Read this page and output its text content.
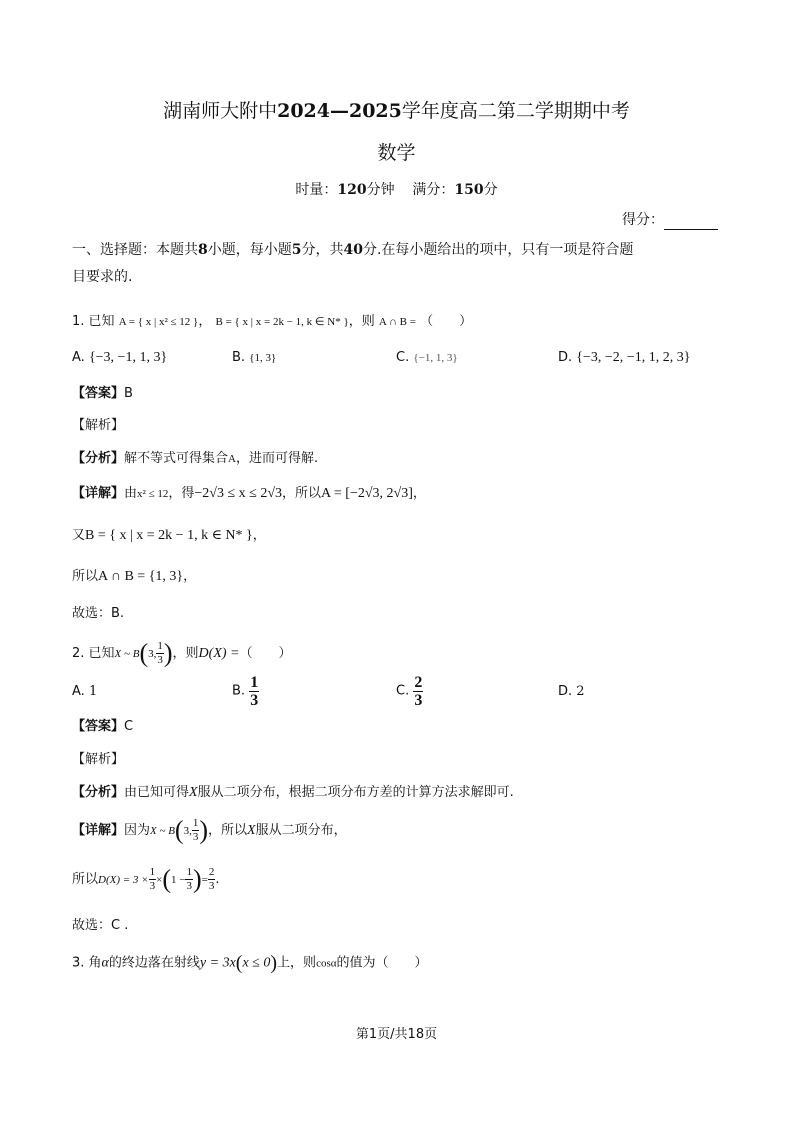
湖南师大附中2024—2025学年度高二第二学期期中考
数学
时量：120分钟 满分：150分
得分：
一、选择题：本题共8小题，每小题5分，共40分.在每小题给出的项中，只有一项是符合题
目要求的.
1. 已知 A = { x | x² ≤ 12 }， B = { x | x = 2k − 1, k ∈ N* }，则 A ∩ B = （　　）
A. {−3, −1, 1, 3}	B. {1, 3}	C. {−1, 1, 3}	D. {−3, −2, −1, 1, 2, 3}
【答案】B
【解析】
【分析】解不等式可得集合A，进而可得解.
【详解】由x² ≤ 12，得−2√3 ≤ x ≤ 2√3，所以A = [−2√3, 2√3]，
又B = { x | x = 2k − 1, k ∈ N* }，
所以A ∩ B = {1, 3}，
故选：B.
2. 已知X ~ B(3, $\frac{1}{3}$ )，则D(X) =（　　）
A. 1	B. $\frac{1}{3}$	C. $\frac{2}{3}$	D. 2
【答案】C
【解析】
【分析】由已知可得X服从二项分布，根据二项分布方差的计算方法求解即可.
【详解】因为X ~ B(3, $\frac{1}{3}$ )，所以X服从二项分布，
所以$D(X) = 3 \times \frac{1}{3} \times(1 - \frac{1}{3}$ )= $\frac{2}{3}$ .
故选：C .
3. 角α的终边落在射线y = 3x(x ≤ 0)上，则cosα的值为（　　）
第1页/共18页
